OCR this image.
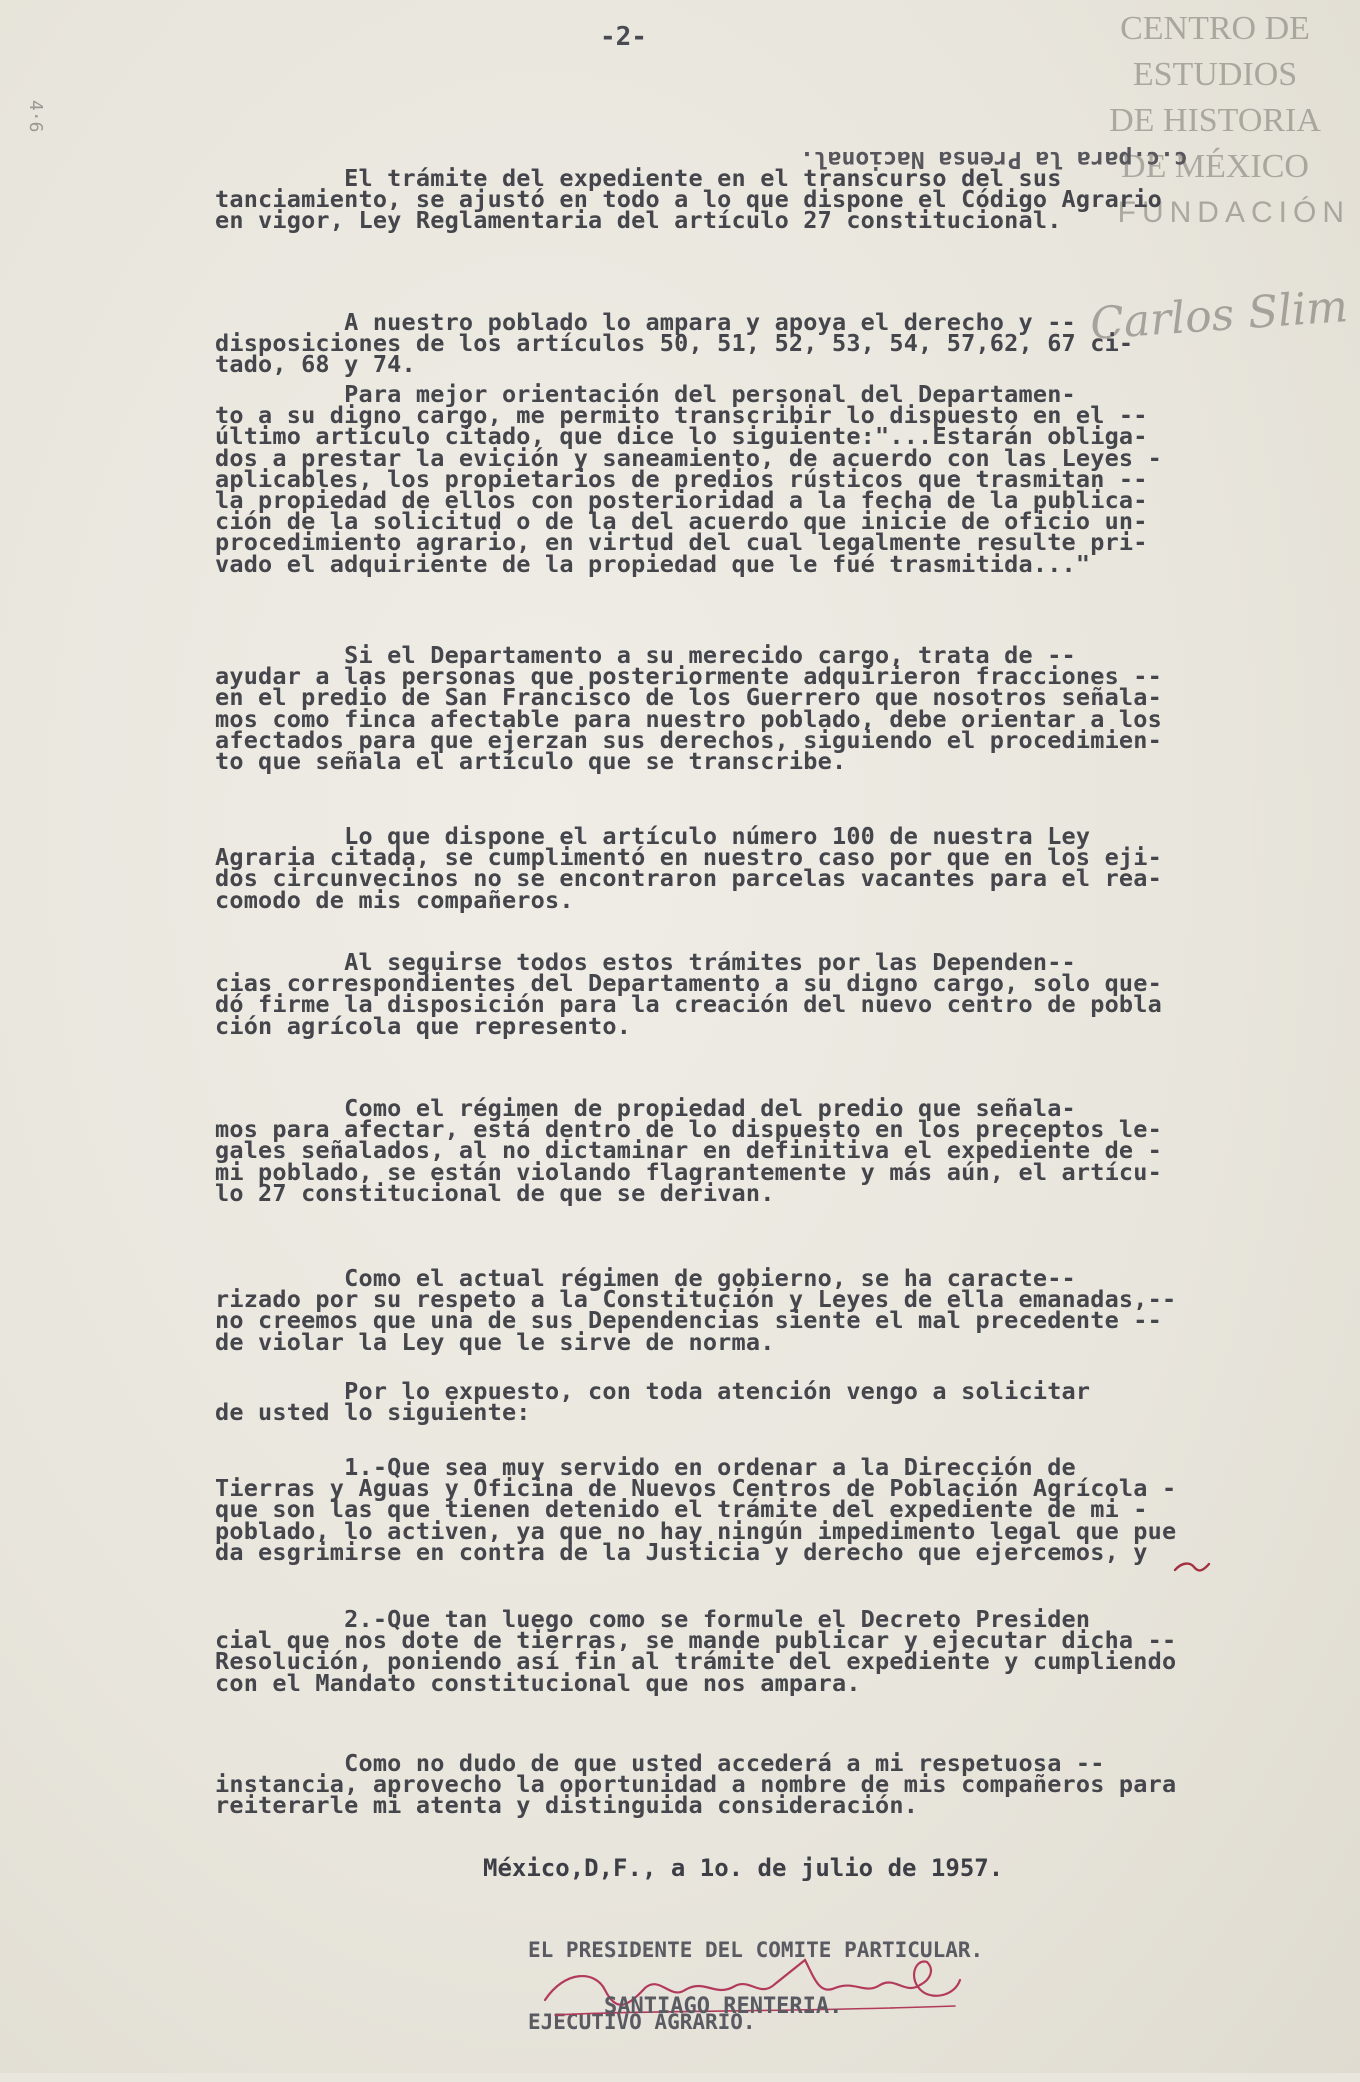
-2-
4·6
CENTRO DE
ESTUDIOS
DE HISTORIA
DE MÉXICO
FUNDACIÓN
Carlos Slim
c.c.para la Prensa Nacional.
El trámite del expediente en el transcurso del sus
tanciamiento, se ajustó en todo a lo que dispone el Código Agrario
en vigor, Ley Reglamentaria del artículo 27 constitucional.
A nuestro poblado lo ampara y apoya el derecho y --
disposiciones de los artículos 50, 51, 52, 53, 54, 57,62, 67 ci-
tado, 68 y 74.
Para mejor orientación del personal del Departamen-
to a su digno cargo, me permito transcribir lo dispuesto en el --
último artículo citado, que dice lo siguiente:"...Estarán obliga-
dos a prestar la evición y saneamiento, de acuerdo con las Leyes -
aplicables, los propietarios de predios rústicos que trasmitan --
la propiedad de ellos con posterioridad a la fecha de la publica-
ción de la solicitud o de la del acuerdo que inicie de oficio un-
procedimiento agrario, en virtud del cual legalmente resulte pri-
vado el adquiriente de la propiedad que le fué trasmitida..."
Si el Departamento a su merecido cargo, trata de --
ayudar a las personas que posteriormente adquirieron fracciones --
en el predio de San Francisco de los Guerrero que nosotros señala-
mos como finca afectable para nuestro poblado, debe orientar a los
afectados para que ejerzan sus derechos, siguiendo el procedimien-
to que señala el artículo que se transcribe.
Lo que dispone el artículo número 100 de nuestra Ley
Agraria citada, se cumplimentó en nuestro caso por que en los eji-
dos circunvecinos no se encontraron parcelas vacantes para el rea-
comodo de mis compañeros.
Al seguirse todos estos trámites por las Dependen--
cias correspondientes del Departamento a su digno cargo, solo que-
dó firme la disposición para la creación del nuevo centro de pobla
ción agrícola que represento.
Como el régimen de propiedad del predio que señala-
mos para afectar, está dentro de lo dispuesto en los preceptos le-
gales señalados, al no dictaminar en definitiva el expediente de -
mi poblado, se están violando flagrantemente y más aún, el artícu-
lo 27 constitucional de que se derivan.
Como el actual régimen de gobierno, se ha caracte--
rizado por su respeto a la Constitución y Leyes de ella emanadas,--
no creemos que una de sus Dependencias siente el mal precedente --
de violar la Ley que le sirve de norma.
Por lo expuesto, con toda atención vengo a solicitar
de usted lo siguiente:
1.-Que sea muy servido en ordenar a la Dirección de
Tierras y Aguas y Oficina de Nuevos Centros de Población Agrícola -
que son las que tienen detenido el trámite del expediente de mi -
poblado, lo activen, ya que no hay ningún impedimento legal que pue
da esgrimirse en contra de la Justicia y derecho que ejercemos, y
2.-Que tan luego como se formule el Decreto Presiden
cial que nos dote de tierras, se mande publicar y ejecutar dicha --
Resolución, poniendo así fin al trámite del expediente y cumpliendo
con el Mandato constitucional que nos ampara.
Como no dudo de que usted accederá a mi respetuosa --
instancia, aprovecho la oportunidad a nombre de mis compañeros para
reiterarle mi atenta y distinguida consideración.
México,D,F., a 1o. de julio de 1957.

EL PRESIDENTE DEL COMITE PARTICULAR.

EJECUTIVO AGRARIO.

SANTIAGO RENTERIA.
